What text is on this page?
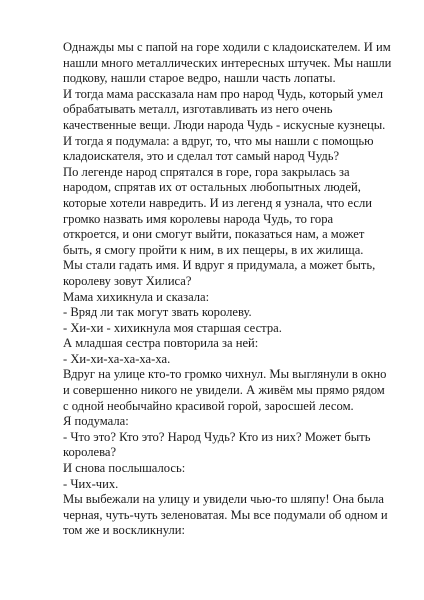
Однажды мы с папой на горе ходили с кладоискателем. И им
нашли много металлических интересных штучек. Мы нашли
подкову, нашли старое ведро, нашли часть лопаты.
И тогда мама рассказала нам про народ Чудь, который умел
обрабатывать металл, изготавливать из него очень
качественные вещи. Люди народа Чудь - искусные кузнецы.
И тогда я подумала: а вдруг, то, что мы нашли с помощью
кладоискателя, это и сделал тот самый народ Чудь?
По легенде народ спрятался в горе, гора закрылась за
народом, спрятав их от остальных любопытных людей,
которые хотели навредить. И из легенд я узнала, что если
громко назвать имя королевы народа Чудь, то гора
откроется, и они смогут выйти, показаться нам, а может
быть, я смогу пройти к ним, в их пещеры, в их жилища.
Мы стали гадать имя. И вдруг я придумала, а может быть,
королеву зовут Хилиса?
Мама хихикнула и сказала:
- Вряд ли так могут звать королеву.
- Хи-хи - хихикнула моя старшая сестра.
А младшая сестра повторила за ней:
- Хи-хи-ха-ха-ха-ха.
Вдруг на улице кто-то громко чихнул. Мы выглянули в окно
и совершенно никого не увидели. А живём мы прямо рядом
с одной необычайно красивой горой, заросшей лесом.
Я подумала:
- Что это? Кто это? Народ Чудь? Кто из них? Может быть
королева?
И снова послышалось:
- Чих-чих.
Мы выбежали на улицу и увидели чью-то шляпу! Она была
черная, чуть-чуть зеленоватая. Мы все подумали об одном и
том же и воскликнули:
